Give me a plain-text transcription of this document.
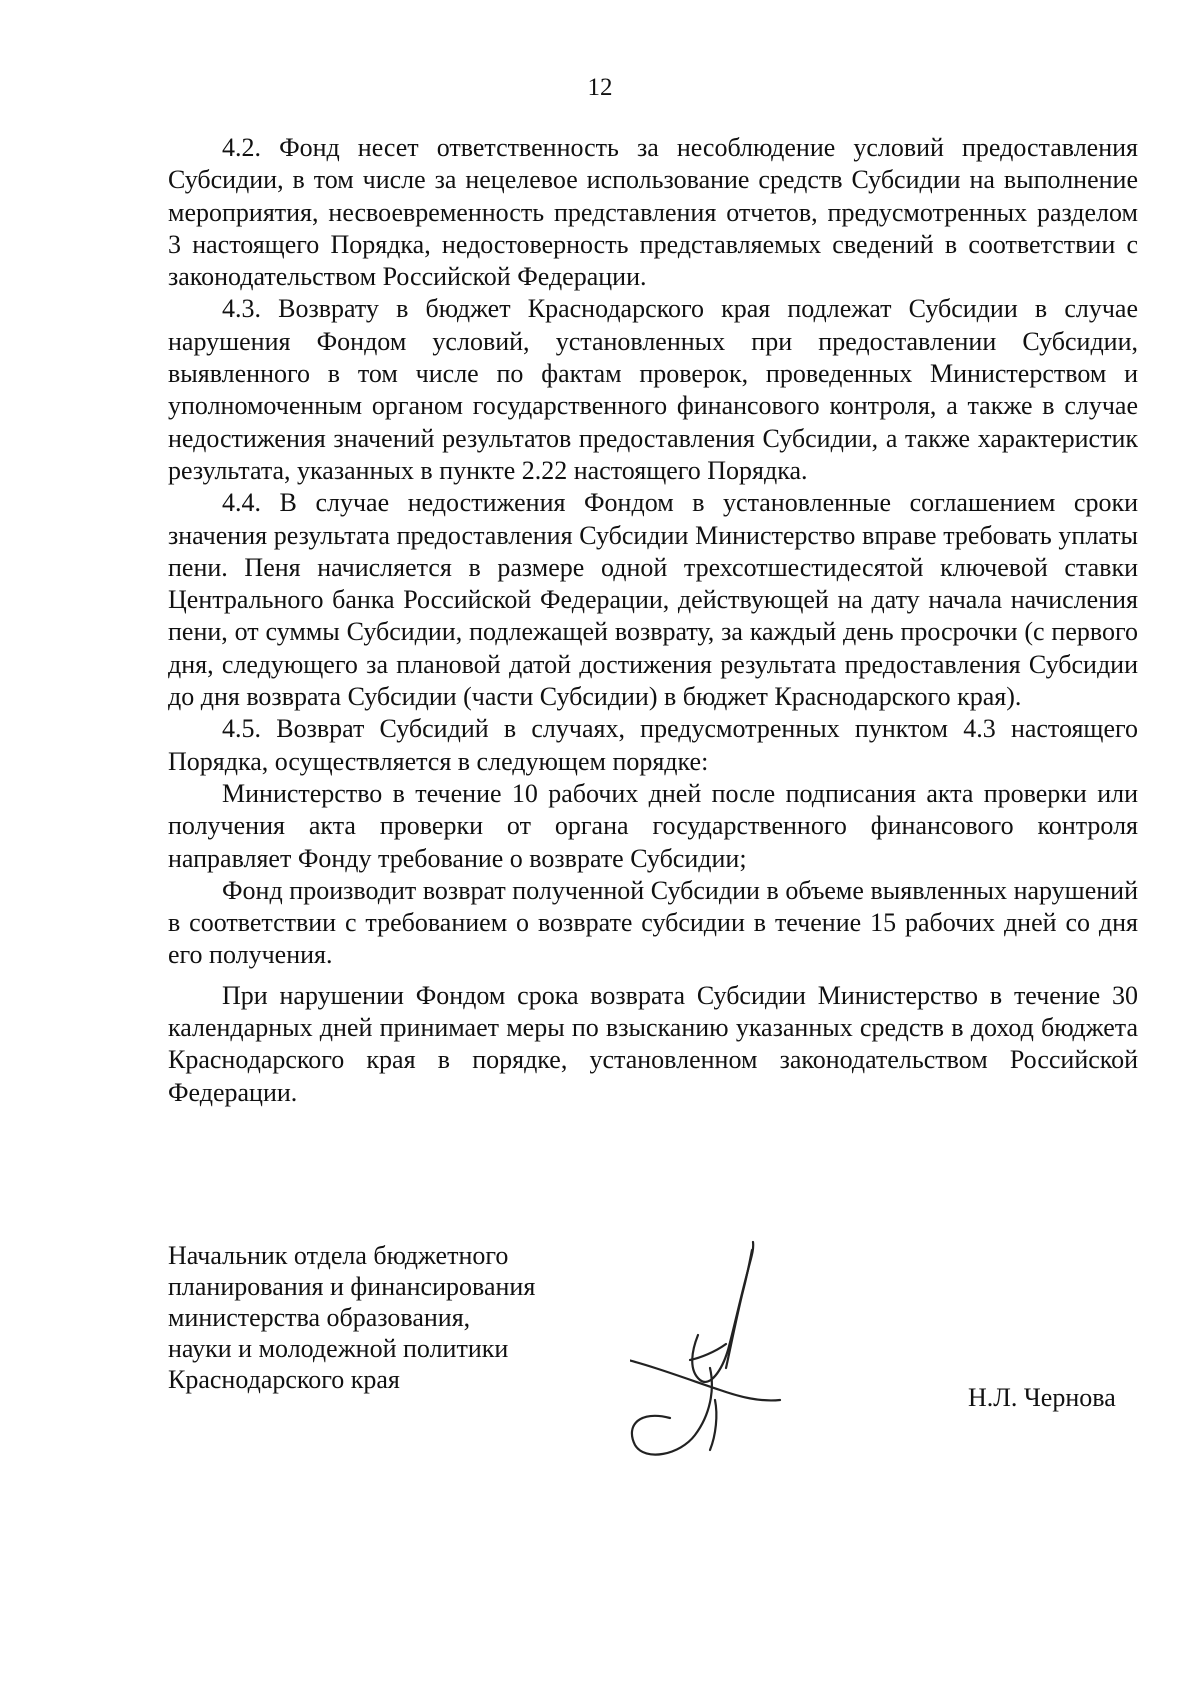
12

4.2. Фонд несет ответственность за несоблюдение условий предоставления Субсидии, в том числе за нецелевое использование средств Субсидии на выполнение мероприятия, несвоевременность представления отчетов, предусмотренных разделом 3 настоящего Порядка, недостоверность представляемых сведений в соответствии с законодательством Российской Федерации.

4.3. Возврату в бюджет Краснодарского края подлежат Субсидии в случае нарушения Фондом условий, установленных при предоставлении Субсидии, выявленного в том числе по фактам проверок, проведенных Министерством и уполномоченным органом государственного финансового контроля, а также в случае недостижения значений результатов предоставления Субсидии, а также характеристик результата, указанных в пункте 2.22 настоящего Порядка.

4.4. В случае недостижения Фондом в установленные соглашением сроки значения результата предоставления Субсидии Министерство вправе требовать уплаты пени. Пеня начисляется в размере одной трехсотшестидесятой ключевой ставки Центрального банка Российской Федерации, действующей на дату начала начисления пени, от суммы Субсидии, подлежащей возврату, за каждый день просрочки (с первого дня, следующего за плановой датой достижения результата предоставления Субсидии до дня возврата Субсидии (части Субсидии) в бюджет Краснодарского края).

4.5. Возврат Субсидий в случаях, предусмотренных пунктом 4.3 настоящего Порядка, осуществляется в следующем порядке:

Министерство в течение 10 рабочих дней после подписания акта проверки или получения акта проверки от органа государственного финансового контроля направляет Фонду требование о возврате Субсидии;

Фонд производит возврат полученной Субсидии в объеме выявленных нарушений в соответствии с требованием о возврате субсидии в течение 15 рабочих дней со дня его получения.

При нарушении Фондом срока возврата Субсидии Министерство в течение 30 календарных дней принимает меры по взысканию указанных средств в доход бюджета Краснодарского края в порядке, установленном законодательством Российской Федерации.

Начальник отдела бюджетного
планирования и финансирования
министерства образования,
науки и молодежной политики
Краснодарского края
Н.Л. Чернова
